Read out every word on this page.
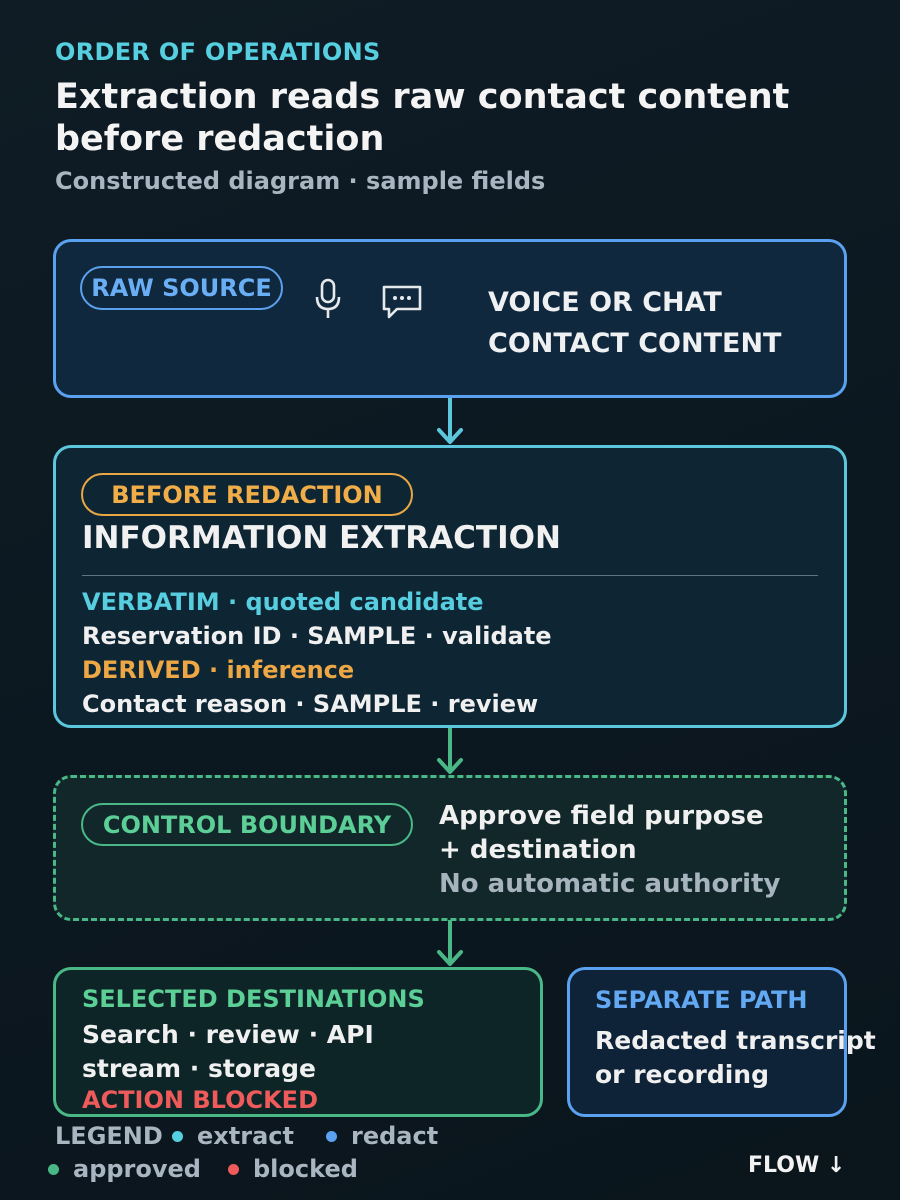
ORDER OF OPERATIONS
Extraction reads raw contact content before redaction
Constructed diagram · sample fields
RAW SOURCE	VOICE OR CHAT
CONTACT CONTENT
BEFORE REDACTION
INFORMATION EXTRACTION
VERBATIM · quoted candidate
Reservation ID · SAMPLE · validate
DERIVED · inference
Contact reason · SAMPLE · review
CONTROL BOUNDARY	Approve field purpose
+ destination
No automatic authority
SELECTED DESTINATIONS
Search · review · API
stream · storage
ACTION BLOCKED
SEPARATE PATH
Redacted transcript
or recording
LEGEND extract redact
approved blocked	FLOW ↓
